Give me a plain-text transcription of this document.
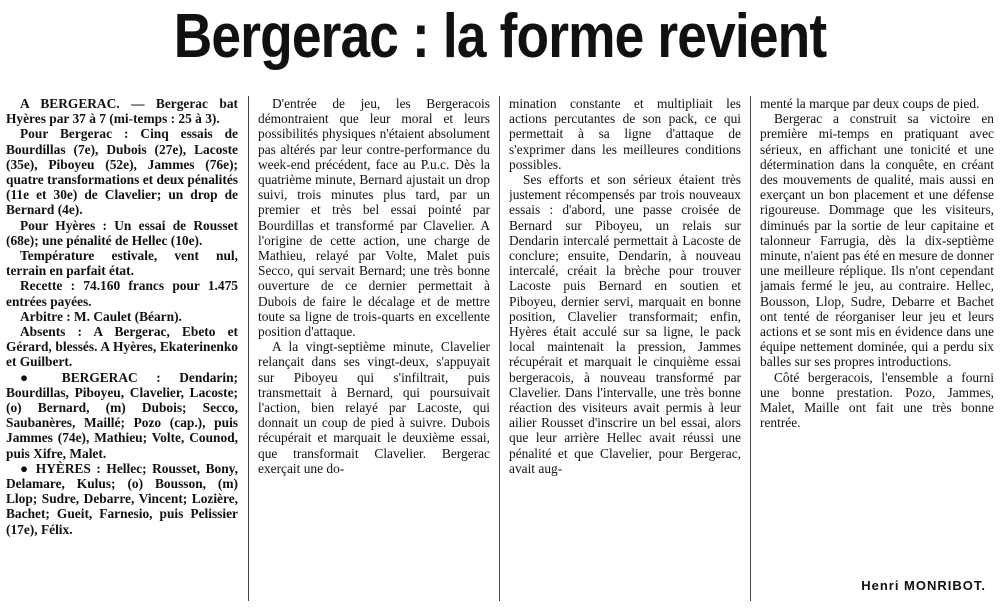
Bergerac : la forme revient

A BERGERAC. — Bergerac bat Hyères par 37 à 7 (mi-temps : 25 à 3).

Pour Bergerac : Cinq essais de Bourdillas (7e), Dubois (27e), Lacoste (35e), Piboyeu (52e), Jammes (76e); quatre transformations et deux pénalités (11e et 30e) de Clavelier; un drop de Bernard (4e).

Pour Hyères : Un essai de Rousset (68e); une pénalité de Hellec (10e).

Température estivale, vent nul, terrain en parfait état.

Recette : 74.160 francs pour 1.475 entrées payées.

Arbitre : M. Caulet (Béarn).

Absents : A Bergerac, Ebeto et Gérard, blessés. A Hyères, Ekaterinenko et Guilbert.

● BERGERAC : Dendarin; Bourdillas, Piboyeu, Clavelier, Lacoste; (o) Bernard, (m) Dubois; Secco, Saubanères, Maillé; Pozo (cap.), puis Jammes (74e), Mathieu; Volte, Counod, puis Xifre, Malet.

● HYÈRES : Hellec; Rousset, Bony, Delamare, Kulus; (o) Bousson, (m) Llop; Sudre, Debarre, Vincent; Lozière, Bachet; Gueit, Farnesio, puis Pelissier (17e), Félix.

D'entrée de jeu, les Bergeracois démontraient que leur moral et leurs possibilités physiques n'étaient absolument pas altérés par leur contre-performance du week-end précédent, face au P.u.c. Dès la quatrième minute, Bernard ajustait un drop suivi, trois minutes plus tard, par un premier et très bel essai pointé par Bourdillas et transformé par Clavelier. A l'origine de cette action, une charge de Mathieu, relayé par Volte, Malet puis Secco, qui servait Bernard; une très bonne ouverture de ce dernier permettait à Dubois de faire le décalage et de mettre toute sa ligne de trois-quarts en excellente position d'attaque.

A la vingt-septième minute, Clavelier relançait dans ses vingt-deux, s'appuyait sur Piboyeu qui s'infiltrait, puis transmettait à Bernard, qui poursuivait l'action, bien relayé par Lacoste, qui donnait un coup de pied à suivre. Dubois récupérait et marquait le deuxième essai, que transformait Clavelier. Bergerac exerçait une do-

mination constante et multipliait les actions percutantes de son pack, ce qui permettait à sa ligne d'attaque de s'exprimer dans les meilleures conditions possibles.

Ses efforts et son sérieux étaient très justement récompensés par trois nouveaux essais : d'abord, une passe croisée de Bernard sur Piboyeu, un relais sur Dendarin intercalé permettait à Lacoste de conclure; ensuite, Dendarin, à nouveau intercalé, créait la brèche pour trouver Lacoste puis Bernard en soutien et Piboyeu, dernier servi, marquait en bonne position, Clavelier transformait; enfin, Hyères était acculé sur sa ligne, le pack local maintenait la pression, Jammes récupérait et marquait le cinquième essai bergeracois, à nouveau transformé par Clavelier. Dans l'intervalle, une très bonne réaction des visiteurs avait permis à leur ailier Rousset d'inscrire un bel essai, alors que leur arrière Hellec avait réussi une pénalité et que Clavelier, pour Bergerac, avait aug-

menté la marque par deux coups de pied.

Bergerac a construit sa victoire en première mi-temps en pratiquant avec sérieux, en affichant une tonicité et une détermination dans la conquête, en créant des mouvements de qualité, mais aussi en exerçant un bon placement et une défense rigoureuse. Dommage que les visiteurs, diminués par la sortie de leur capitaine et talonneur Farrugia, dès la dix-septième minute, n'aient pas été en mesure de donner une meilleure réplique. Ils n'ont cependant jamais fermé le jeu, au contraire. Hellec, Bousson, Llop, Sudre, Debarre et Bachet ont tenté de réorganiser leur jeu et leurs actions et se sont mis en évidence dans une équipe nettement dominée, qui a perdu six balles sur ses propres introductions.

Côté bergeracois, l'ensemble a fourni une bonne prestation. Pozo, Jammes, Malet, Maille ont fait une très bonne rentrée.

Henri MONRIBOT.
